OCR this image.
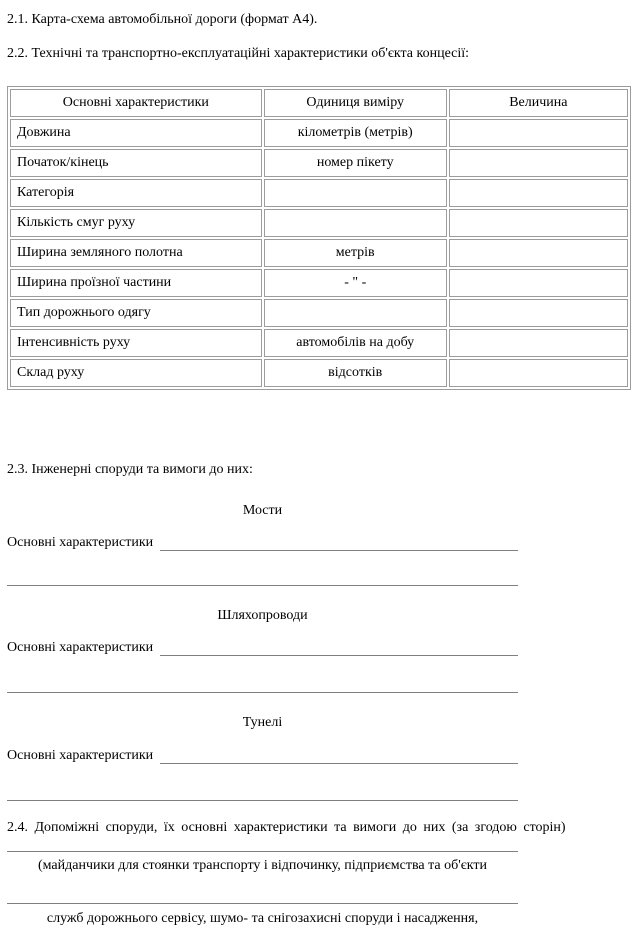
2.1. Карта-схема автомобільної дороги (формат А4).

2.2. Технічні та транспортно-експлуатаційні характеристики об'єкта концесії:

Основні характеристики	Одиниця виміру	Величина
Довжина	кілометрів (метрів)	
Початок/кінець	номер пікету	
Категорія		
Кількість смуг руху		
Ширина земляного полотна	метрів	
Ширина проїзної частини	- " -	
Тип дорожнього одягу		
Інтенсивність руху	автомобілів на добу	
Склад руху	відсотків	

2.3. Інженерні споруди та вимоги до них:

Мости

Основні характеристики

Шляхопроводи

Основні характеристики

Тунелі

Основні характеристики

2.4. Допоміжні споруди, їх основні характеристики та вимоги до них (за згодою сторін)

(майданчики для стоянки транспорту і відпочинку, підприємства та об'єкти

служб дорожнього сервісу, шумо- та снігозахисні споруди і насадження,
